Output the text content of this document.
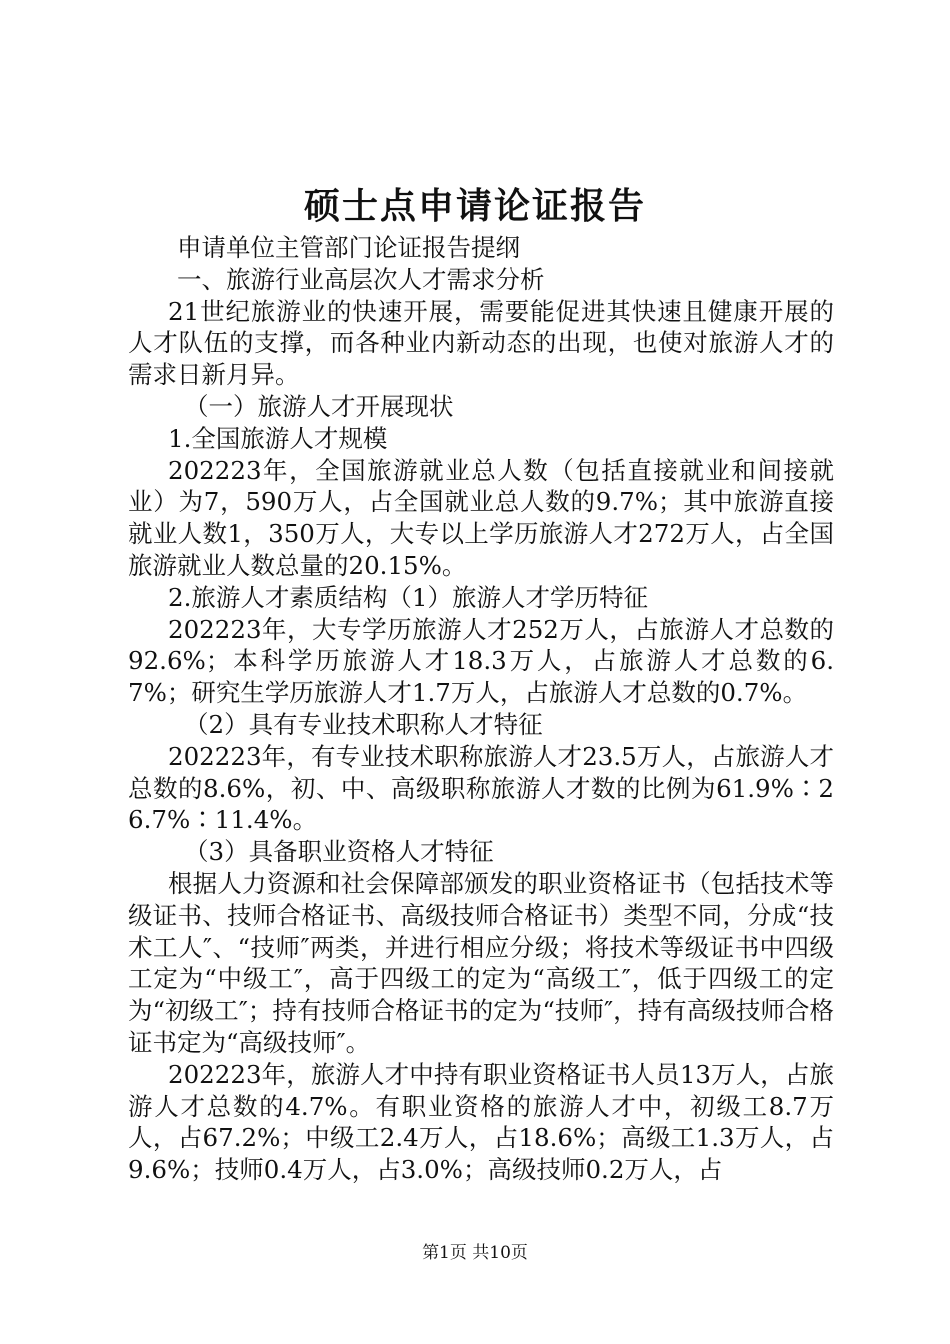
硕士点申请论证报告

申请单位主管部门论证报告提纲

一、旅游行业高层次人才需求分析

21世纪旅游业的快速开展，需要能促进其快速且健康开展的人才队伍的支撑，而各种业内新动态的出现，也使对旅游人才的需求日新月异。

（一）旅游人才开展现状

1.全国旅游人才规模

202223年，全国旅游就业总人数（包括直接就业和间接就业）为7，590万人，占全国就业总人数的9.7%；其中旅游直接就业人数1，350万人，大专以上学历旅游人才272万人，占全国旅游就业人数总量的20.15%。

2.旅游人才素质结构（1）旅游人才学历特征

202223年，大专学历旅游人才252万人，占旅游人才总数的92.6%；本科学历旅游人才18.3万人，占旅游人才总数的6.7%；研究生学历旅游人才1.7万人，占旅游人才总数的0.7%。

（2）具有专业技术职称人才特征

202223年，有专业技术职称旅游人才23.5万人，占旅游人才总数的8.6%，初、中、高级职称旅游人才数的比例为61.9%∶26.7%∶11.4%。

（3）具备职业资格人才特征

根据人力资源和社会保障部颁发的职业资格证书（包括技术等级证书、技师合格证书、高级技师合格证书）类型不同，分成“技术工人″、“技师″两类，并进行相应分级；将技术等级证书中四级工定为“中级工″，高于四级工的定为“高级工″，低于四级工的定为“初级工″；持有技师合格证书的定为“技师″，持有高级技师合格证书定为“高级技师″。

202223年，旅游人才中持有职业资格证书人员13万人，占旅游人才总数的4.7%。有职业资格的旅游人才中，初级工8.7万人，占67.2%；中级工2.4万人，占18.6%；高级工1.3万人，占9.6%；技师0.4万人，占3.0%；高级技师0.2万人，占

第1页 共10页
